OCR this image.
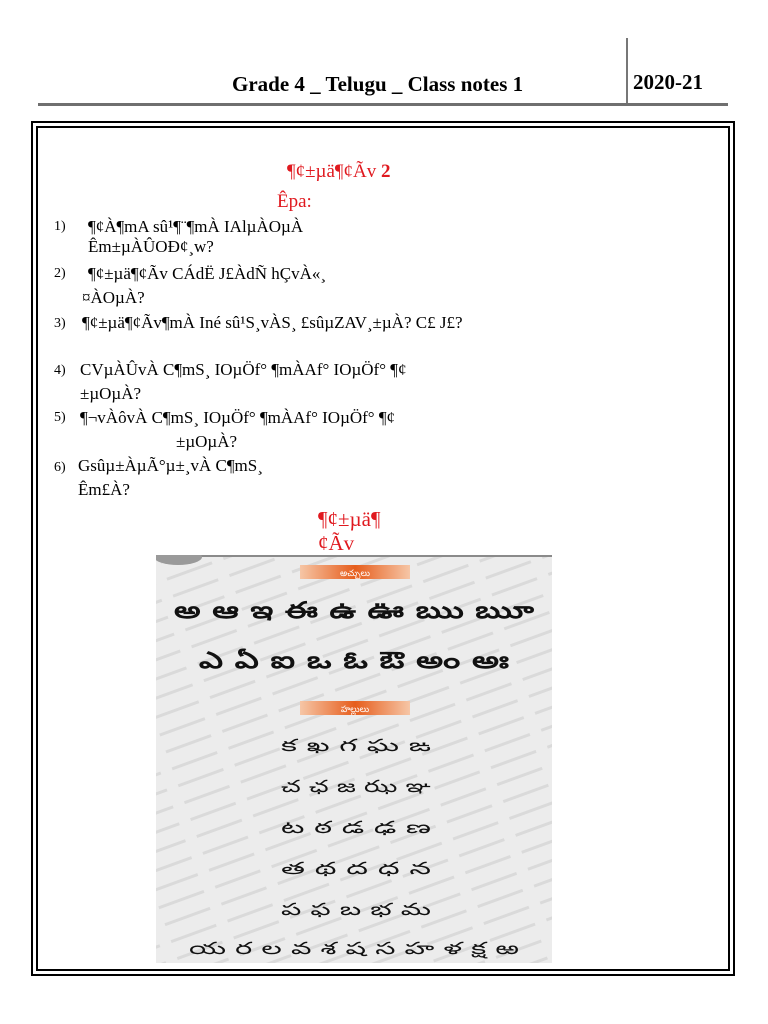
Grade 4 _ Telugu _ Class notes 1	2020-21
¶¢±µä¶¢Ãv 2
Êpa:
1) ¶¢À¶mA sû¹¶¨¶mÀ IAlµÀOµÀ
Êm±µÀÛOÐ¢¸w?
2) ¶¢±µä¶¢Ãv CÁdË J£ÀdÑ hÇvÀ«¸
¤ÀOµÀ?
3) ¶¢±µä¶¢Ãv¶mÀ Iné sû¹S¸vÀS¸ £sûµZAV¸±µÀ? C£ J£?
4) CVµÀÛvÀ C¶mS¸ IOµÖf° ¶mÀAf° IOµÖf° ¶¢
±µOµÀ?
5) ¶¬vÀôvÀ C¶mS¸ IOµÖf° ¶mÀAf° IOµÖf° ¶¢
±µOµÀ?
6) Gsûµ±ÀµÃ°µ±¸vÀ C¶mS¸
Êm£À?
¶¢±µä¶
¢Ãv
అచ్చులు
అ ఆ ఇ ఈ ఉ ఊ ఋ ౠ
ఎ ఏ ఐ ఒ ఓ ఔ అం అః
హల్లులు
క ఖ గ ఘ ఙ
చ ఛ జ ఝ ఞ
ట ఠ డ ఢ ణ
త థ ద ధ న
ప ఫ బ భ మ
య ర ల వ శ ష స హ ళ క్ష ఱ
